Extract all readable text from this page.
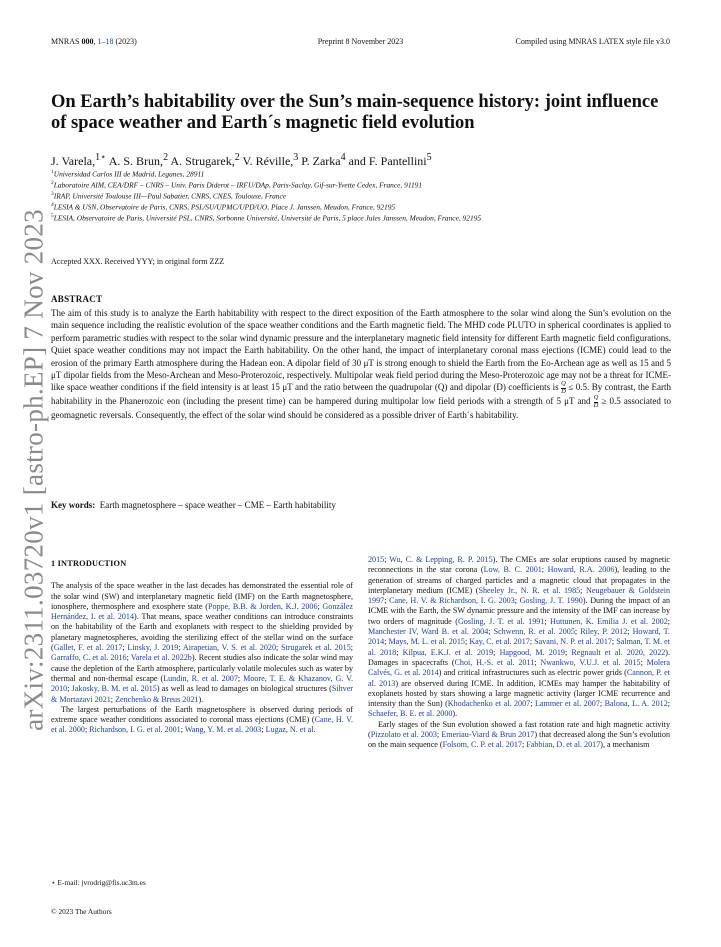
MNRAS 000, 1–18 (2023)	Preprint 8 November 2023	Compiled using MNRAS LATEX style file v3.0
arXiv:2311.03720v1 [astro-ph.EP] 7 Nov 2023
On Earth’s habitability over the Sun’s main-sequence history: joint influence of space weather and Earth´s magnetic field evolution
J. Varela,$^{1⋆}$ A. S. Brun,$^2$ A. Strugarek,$^2$ V. Réville,$^3$ P. Zarka$^4$ and F. Pantellini$^5$
$^1$Universidad Carlos III de Madrid, Leganes, 28911
$^2$Laboratoire AIM, CEA/DRF – CNRS – Univ. Paris Diderot – IRFU/DAp, Paris-Saclay, Gif-sur-Yvette Cedex, France, 91191
$^3$IRAP, Université Toulouse III—Paul Sabatier, CNRS, CNES, Toulouse, France
$^4$LESIA & USN, Observatoire de Paris, CNRS, PSL/SU/UPMC/UPD/UO, Place J. Janssen, Meudon, France, 92195
$^5$LESIA, Observatoire de Paris, Université PSL, CNRS, Sorbonne Université, Université de Paris, 5 place Jules Janssen, Meudon, France, 92195
Accepted XXX. Received YYY; in original form ZZZ
ABSTRACT

The aim of this study is to analyze the Earth habitability with respect to the direct exposition of the Earth atmosphere to the solar wind along the Sun’s evolution on the main sequence including the realistic evolution of the space weather conditions and the Earth magnetic field. The MHD code PLUTO in spherical coordinates is applied to perform parametric studies with respect to the solar wind dynamic pressure and the interplanetary magnetic field intensity for different Earth magnetic field configurations. Quiet space weather conditions may not impact the Earth habitability. On the other hand, the impact of interplanetary coronal mass ejections (ICME) could lead to the erosion of the primary Earth atmosphere during the Hadean eon. A dipolar field of 30 μT is strong enough to shield the Earth from the Eo-Archean age as well as 15 and 5 μT dipolar fields from the Meso-Archean and Meso-Proterozoic, respectively. Multipolar weak field period during the Meso-Proterozoic age may not be a threat for ICME-like space weather conditions if the field intensity is at least 15 μT and the ratio between the quadrupolar (Q) and dipolar (D) coefficients is $\frac{Q}{D} \le 0.5$. By contrast, the Earth habitability in the Phanerozoic eon (including the present time) can be hampered during multipolar low field periods with a strength of 5 μT and $\frac{Q}{D} \ge 0.5$ associated to geomagnetic reversals. Consequently, the effect of the solar wind should be considered as a possible driver of Earth´s habitability.

Key words: Earth magnetosphere – space weather – CME – Earth habitability
1 INTRODUCTION

The analysis of the space weather in the last decades has demonstrated the essential role of the solar wind (SW) and interplanetary magnetic field (IMF) on the Earth magnetosphere, ionosphere, thermosphere and exosphere state (Poppe, B.B. & Jorden, K.J. 2006; González Hernández, I. et al. 2014). That means, space weather conditions can introduce constraints on the habitability of the Earth and exoplanets with respect to the shielding provided by planetary magnetospheres, avoiding the sterilizing effect of the stellar wind on the surface (Gallet, F. et al. 2017; Linsky, J. 2019; Airapetian, V. S. et al. 2020; Strugarek et al. 2015; Garraffo, C. et al. 2016; Varela et al. 2022b). Recent studies also indicate the solar wind may cause the depletion of the Earth atmosphere, particularly volatile molecules such as water by thermal and non-thermal escape (Lundin, R. et al. 2007; Moore, T. E. & Khazanov, G. V. 2010; Jakosky, B. M. et al. 2015) as well as lead to damages on biological structures (Sihver & Mortazavi 2021; Zenchenko & Breus 2021).

The largest perturbations of the Earth magnetosphere is observed during periods of extreme space weather conditions associated to coronal mass ejections (CME) (Cane, H. V. et al. 2000; Richardson, I. G. et al. 2001; Wang, Y. M. et al. 2003; Lugaz, N. et al.

2015; Wu, C. & Lepping, R. P. 2015). The CMEs are solar eruptions caused by magnetic reconnections in the star corona (Low, B. C. 2001; Howard, R.A. 2006), leading to the generation of streams of charged particles and a magnetic cloud that propagates in the interplanetary medium (ICME) (Sheeley Jr., N. R. et al. 1985; Neugebauer & Goldstein 1997; Cane, H. V. & Richardson, I. G. 2003; Gosling, J. T. 1990). During the impact of an ICME with the Earth, the SW dynamic pressure and the intensity of the IMF can increase by two orders of magnitude (Gosling, J. T. et al. 1991; Huttunen, K. Emilia J. et al. 2002; Manchester IV, Ward B. et al. 2004; Schwenn, R. et al. 2005; Riley, P. 2012; Howard, T. 2014; Mays, M. L. et al. 2015; Kay, C. et al. 2017; Savani, N. P. et al. 2017; Salman, T. M. et al. 2018; Kilpua, E.K.J. et al. 2019; Hapgood, M. 2019; Regnault et al. 2020, 2022). Damages in spacecrafts (Choi, H.-S. et al. 2011; Nwankwo, V.U.J. et al. 2015; Molera Calvés, G. et al. 2014) and critical infrastructures such as electric power grids (Cannon, P. et al. 2013) are observed during ICME. In addition, ICMEs may hamper the habitability of exoplanets hosted by stars showing a large magnetic activity (larger ICME recurrence and intensity than the Sun) (Khodachenko et al. 2007; Lammer et al. 2007; Balona, L. A. 2012; Schaefer, B. E. et al. 2000).

Early stages of the Sun evolution showed a fast rotation rate and high magnetic activity (Pizzolato et al. 2003; Emeriau-Viard & Brun 2017) that decreased along the Sun’s evolution on the main sequence (Folsom, C. P. et al. 2017; Fabbian, D. et al. 2017), a mechanism

⋆ E-mail: jvrodrig@fis.uc3m.es
© 2023 The Authors
